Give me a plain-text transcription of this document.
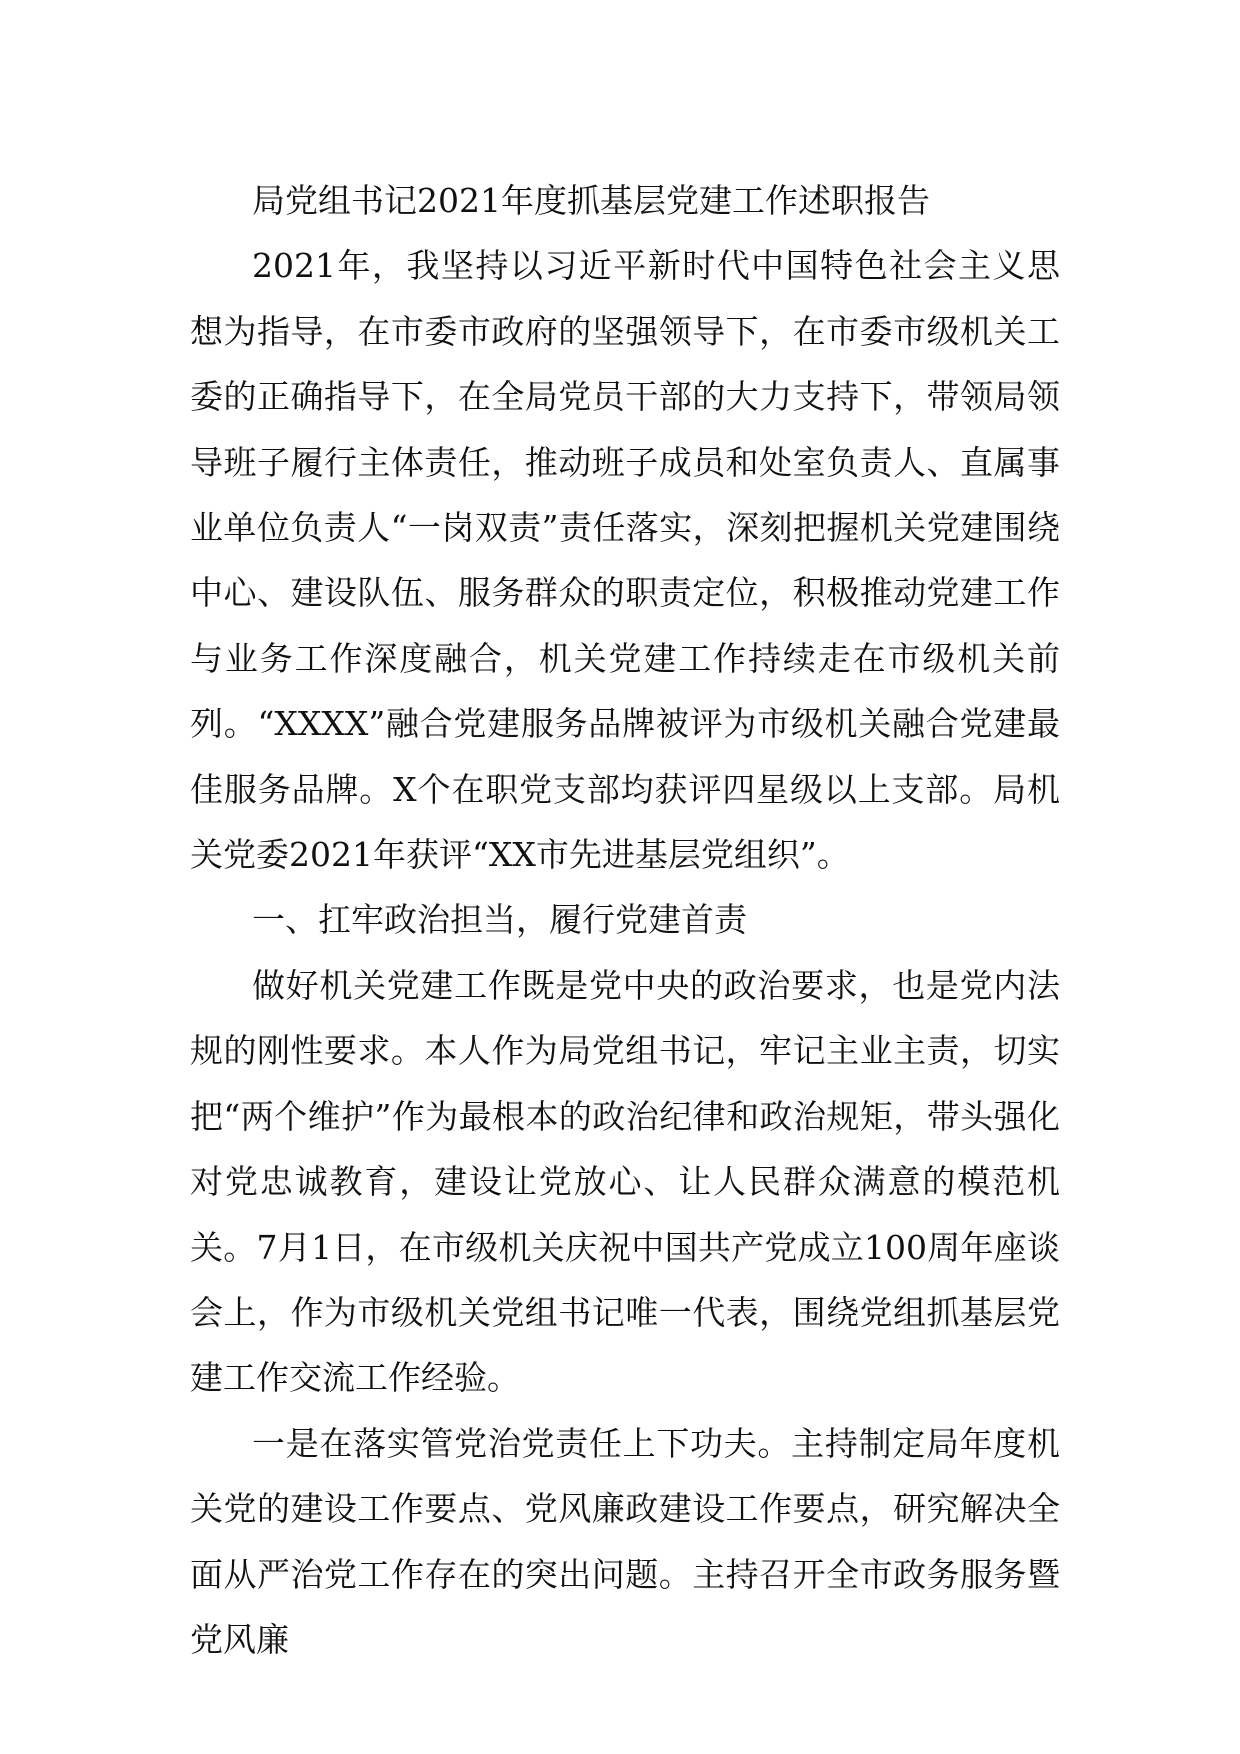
局党组书记2021年度抓基层党建工作述职报告

2021年，我坚持以习近平新时代中国特色社会主义思想为指导，在市委市政府的坚强领导下，在市委市级机关工委的正确指导下，在全局党员干部的大力支持下，带领局领导班子履行主体责任，推动班子成员和处室负责人、直属事业单位负责人“一岗双责”责任落实，深刻把握机关党建围绕中心、建设队伍、服务群众的职责定位，积极推动党建工作与业务工作深度融合，机关党建工作持续走在市级机关前列。“XXXX”融合党建服务品牌被评为市级机关融合党建最佳服务品牌。X个在职党支部均获评四星级以上支部。局机关党委2021年获评“XX市先进基层党组织”。

一、扛牢政治担当，履行党建首责

做好机关党建工作既是党中央的政治要求，也是党内法规的刚性要求。本人作为局党组书记，牢记主业主责，切实把“两个维护”作为最根本的政治纪律和政治规矩，带头强化对党忠诚教育，建设让党放心、让人民群众满意的模范机关。7月1日，在市级机关庆祝中国共产党成立100周年座谈会上，作为市级机关党组书记唯一代表，围绕党组抓基层党建工作交流工作经验。

一是在落实管党治党责任上下功夫。主持制定局年度机关党的建设工作要点、党风廉政建设工作要点，研究解决全面从严治党工作存在的突出问题。主持召开全市政务服务暨党风廉
